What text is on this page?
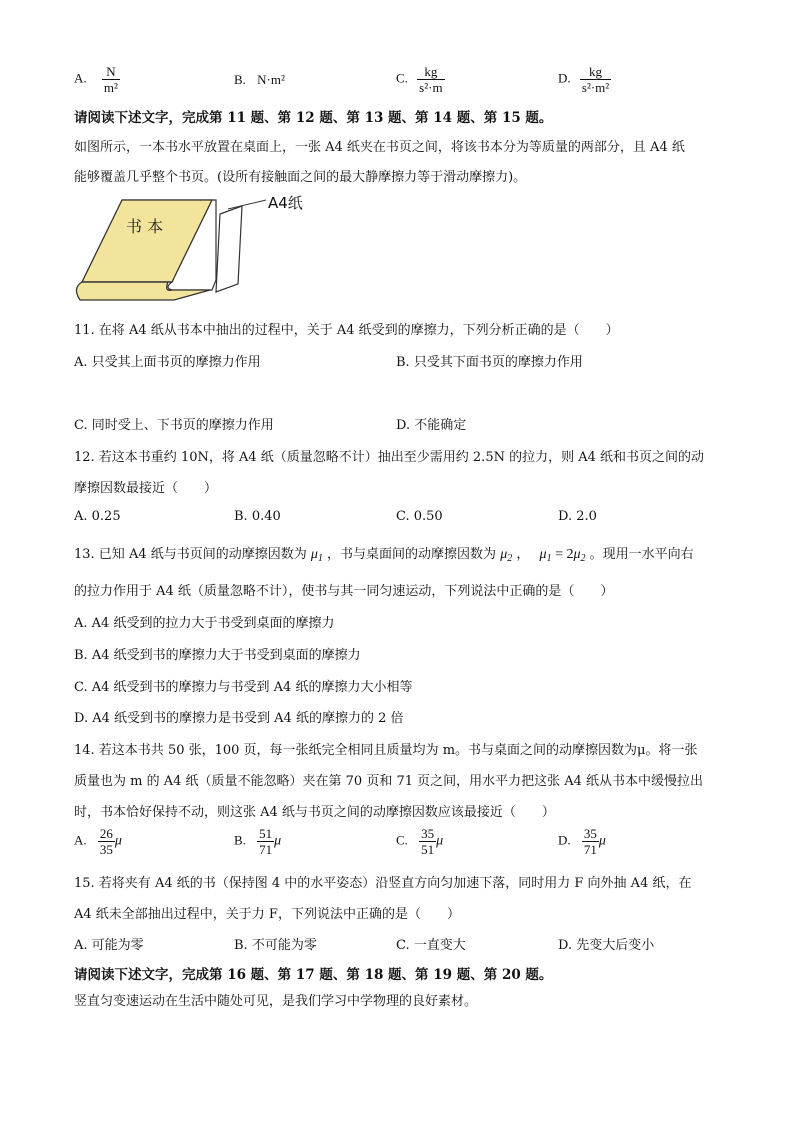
A. $\frac{N}{\text{m²}}$	B. N·m²	C. $\frac{kg}{\text{s²·m}}$	D. $\frac{kg}{\text{s²·m²}}$
请阅读下述文字，完成第 11 题、第 12 题、第 13 题、第 14 题、第 15 题。
如图所示，一本书水平放置在桌面上，一张 A4 纸夹在书页之间，将该书本分为等质量的两部分，且 A4 纸
能够覆盖几乎整个书页。(设所有接触面之间的最大静摩擦力等于滑动摩擦力)。
书 本
A4纸
11. 在将 A4 纸从书本中抽出的过程中，关于 A4 纸受到的摩擦力，下列分析正确的是（　　）
A. 只受其上面书页的摩擦力作用	B. 只受其下面书页的摩擦力作用
C. 同时受上、下书页的摩擦力作用	D. 不能确定
12. 若这本书重约 10N，将 A4 纸（质量忽略不计）抽出至少需用约 2.5N 的拉力，则 A4 纸和书页之间的动
摩擦因数最接近（　　）
A. 0.25	B. 0.40	C. 0.50	D. 2.0
13. 已知 A4 纸与书页间的动摩擦因数为 $\mu_1$ ，书与桌面间的动摩擦因数为 $\mu_2$ ， $\mu_1 = 2\mu_2$ 。现用一水平向右
的拉力作用于 A4 纸（质量忽略不计），使书与其一同匀速运动，下列说法中正确的是（　　）
A. A4 纸受到的拉力大于书受到桌面的摩擦力
B. A4 纸受到书的摩擦力大于书受到桌面的摩擦力
C. A4 纸受到书的摩擦力与书受到 A4 纸的摩擦力大小相等
D. A4 纸受到书的摩擦力是书受到 A4 纸的摩擦力的 2 倍
14. 若这本书共 50 张，100 页，每一张纸完全相同且质量均为 m。书与桌面之间的动摩擦因数为μ。将一张
质量也为 m 的 A4 纸（质量不能忽略）夹在第 70 页和 71 页之间，用水平力把这张 A4 纸从书本中缓慢拉出
时，书本恰好保持不动，则这张 A4 纸与书页之间的动摩擦因数应该最接近（　　）
A. $\frac{26}{35}$ μ	B. $\frac{51}{71}$ μ	C. $\frac{35}{51}$ μ	D. $\frac{35}{71}$ μ
15. 若将夹有 A4 纸的书（保持图 4 中的水平姿态）沿竖直方向匀加速下落，同时用力 F 向外抽 A4 纸，在
A4 纸未全部抽出过程中，关于力 F，下列说法中正确的是（　　）
A. 可能为零	B. 不可能为零	C. 一直变大	D. 先变大后变小
请阅读下述文字，完成第 16 题、第 17 题、第 18 题、第 19 题、第 20 题。
竖直匀变速运动在生活中随处可见，是我们学习中学物理的良好素材。
